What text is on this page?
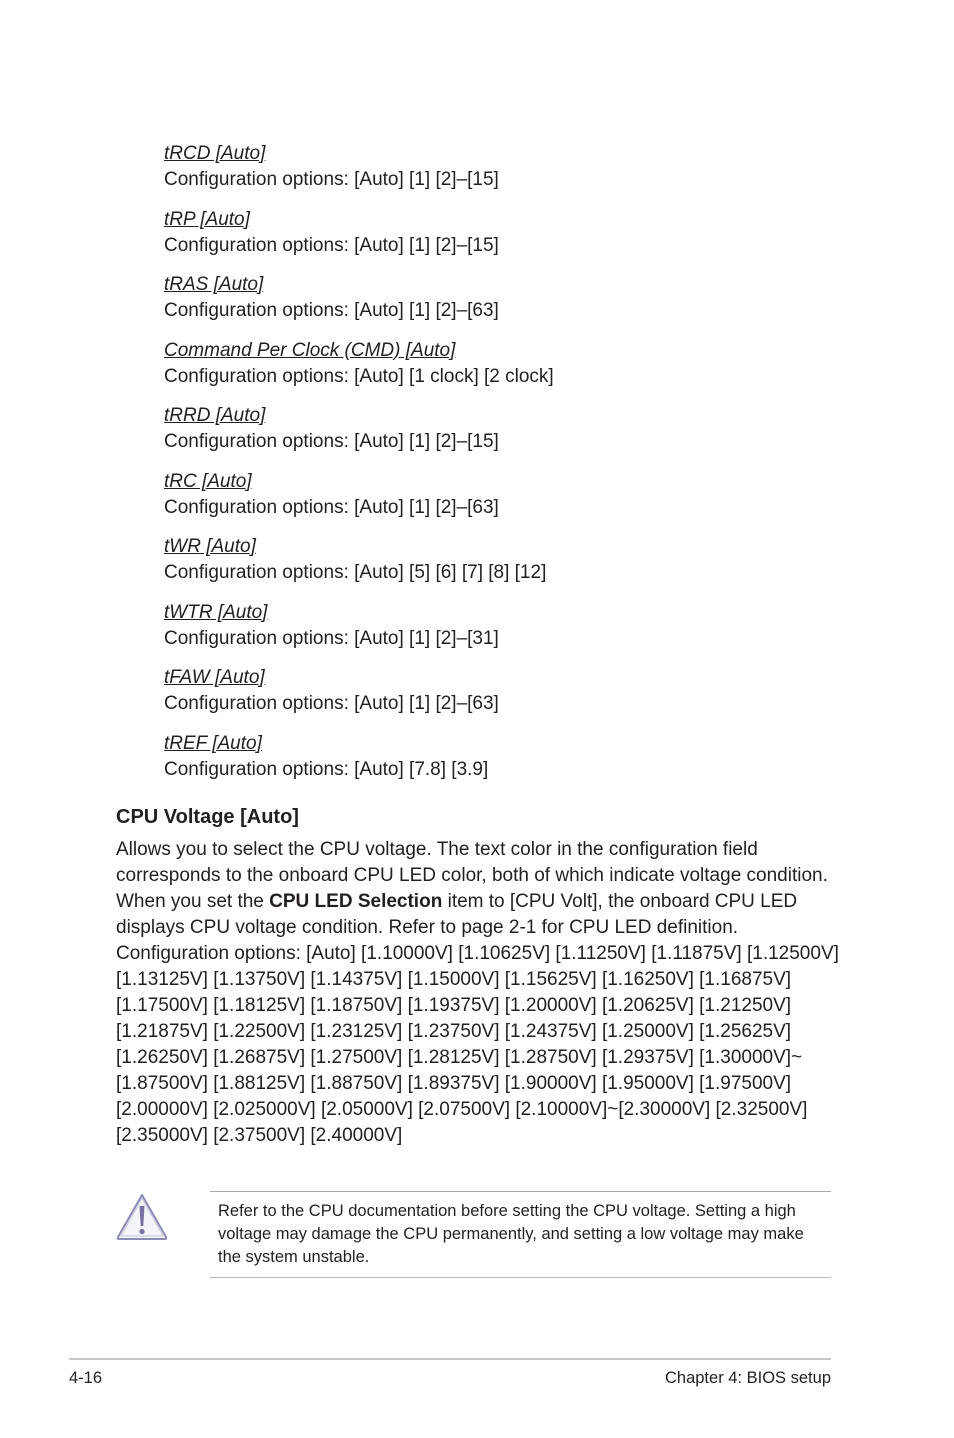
tRCD [Auto]
Configuration options: [Auto] [1] [2]–[15]
tRP [Auto]
Configuration options: [Auto] [1] [2]–[15]
tRAS [Auto]
Configuration options: [Auto] [1] [2]–[63]
Command Per Clock (CMD) [Auto]
Configuration options: [Auto] [1 clock] [2 clock]
tRRD [Auto]
Configuration options: [Auto] [1] [2]–[15]
tRC [Auto]
Configuration options: [Auto] [1] [2]–[63]
tWR [Auto]
Configuration options: [Auto] [5] [6] [7] [8] [12]
tWTR [Auto]
Configuration options: [Auto] [1] [2]–[31]
tFAW [Auto]
Configuration options: [Auto] [1] [2]–[63]
tREF [Auto]
Configuration options: [Auto] [7.8] [3.9]
CPU Voltage [Auto]

Allows you to select the CPU voltage. The text color in the configuration field corresponds to the onboard CPU LED color, both of which indicate voltage condition. When you set the CPU LED Selection item to [CPU Volt], the onboard CPU LED displays CPU voltage condition. Refer to page 2-1 for CPU LED definition.

Configuration options: [Auto] [1.10000V] [1.10625V] [1.11250V] [1.11875V] [1.12500V] [1.13125V] [1.13750V] [1.14375V] [1.15000V] [1.15625V] [1.16250V] [1.16875V] [1.17500V] [1.18125V] [1.18750V] [1.19375V] [1.20000V] [1.20625V] [1.21250V] [1.21875V] [1.22500V] [1.23125V] [1.23750V] [1.24375V] [1.25000V] [1.25625V] [1.26250V] [1.26875V] [1.27500V] [1.28125V] [1.28750V] [1.29375V] [1.30000V]~[1.87500V] [1.88125V] [1.88750V] [1.89375V] [1.90000V] [1.95000V] [1.97500V] [2.00000V] [2.025000V] [2.05000V] [2.07500V] [2.10000V]~[2.30000V] [2.32500V] [2.35000V] [2.37500V] [2.40000V]

Refer to the CPU documentation before setting the CPU voltage. Setting a high voltage may damage the CPU permanently, and setting a low voltage may make the system unstable.
4-16	Chapter 4: BIOS setup
